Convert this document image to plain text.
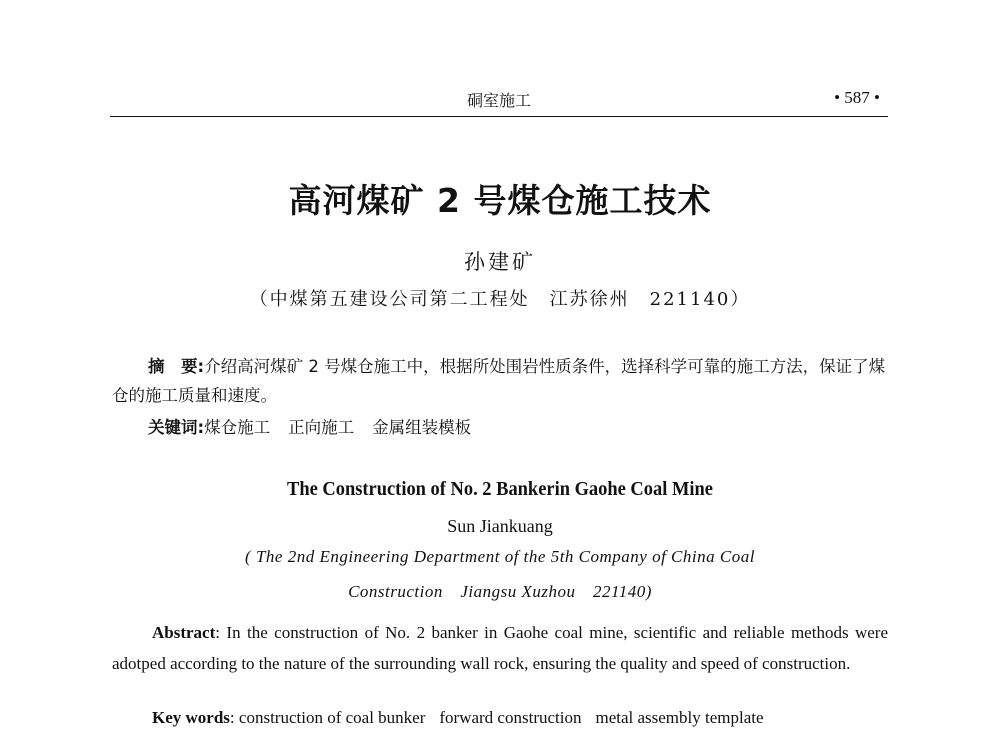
硐室施工	• 587 •
高河煤矿 2 号煤仓施工技术
孙建矿
（中煤第五建设公司第二工程处　江苏徐州　221140）
摘　要:介绍高河煤矿 2 号煤仓施工中，根据所处围岩性质条件，选择科学可靠的施工方法，保证了煤仓的施工质量和速度。
关键词:煤仓施工 正向施工 金属组装模板
The Construction of No. 2 Bankerin Gaohe Coal Mine
Sun Jiankuang
( The 2nd Engineering Department of the 5th Company of China Coal
Construction　Jiangsu Xuzhou　221140)
Abstract: In the construction of No. 2 banker in Gaohe coal mine, scientific and reliable methods were adotped according to the nature of the surrounding wall rock, ensuring the quality and speed of construction.
Key words: construction of coal bunker forward construction metal assembly template
